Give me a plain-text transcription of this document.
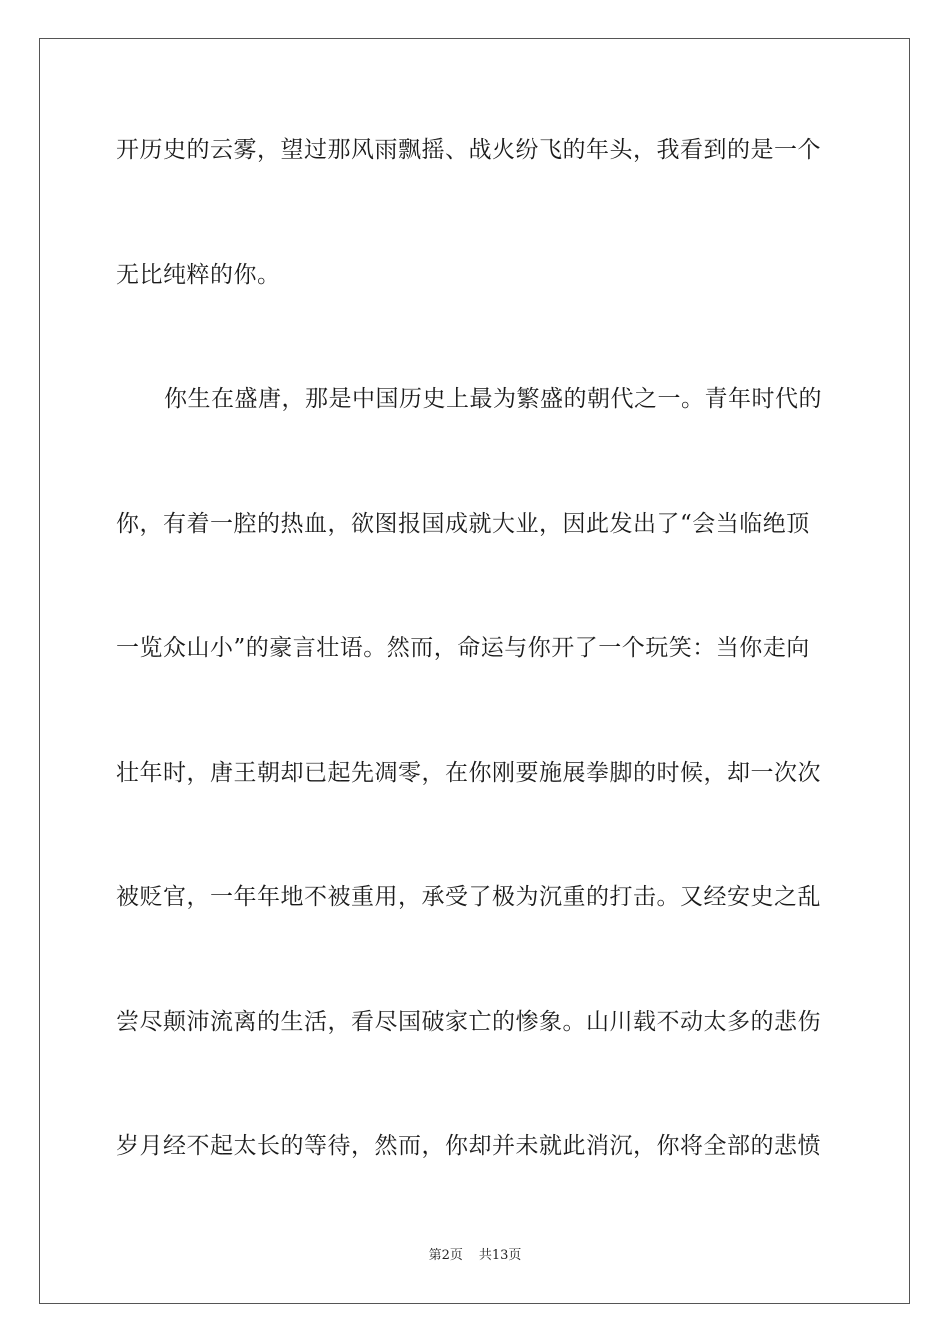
开历史的云雾，望过那风雨飘摇、战火纷飞的年头，我看到的是一个
无比纯粹的你。
你生在盛唐，那是中国历史上最为繁盛的朝代之一。青年时代的
你，有着一腔的热血，欲图报国成就大业，因此发出了“会当临绝顶
一览众山小”的豪言壮语。然而，命运与你开了一个玩笑：当你走向
壮年时，唐王朝却已起先凋零，在你刚要施展拳脚的时候，却一次次
被贬官，一年年地不被重用，承受了极为沉重的打击。又经安史之乱
尝尽颠沛流离的生活，看尽国破家亡的惨象。山川载不动太多的悲伤
岁月经不起太长的等待，然而，你却并未就此消沉，你将全部的悲愤
第2页 共13页
